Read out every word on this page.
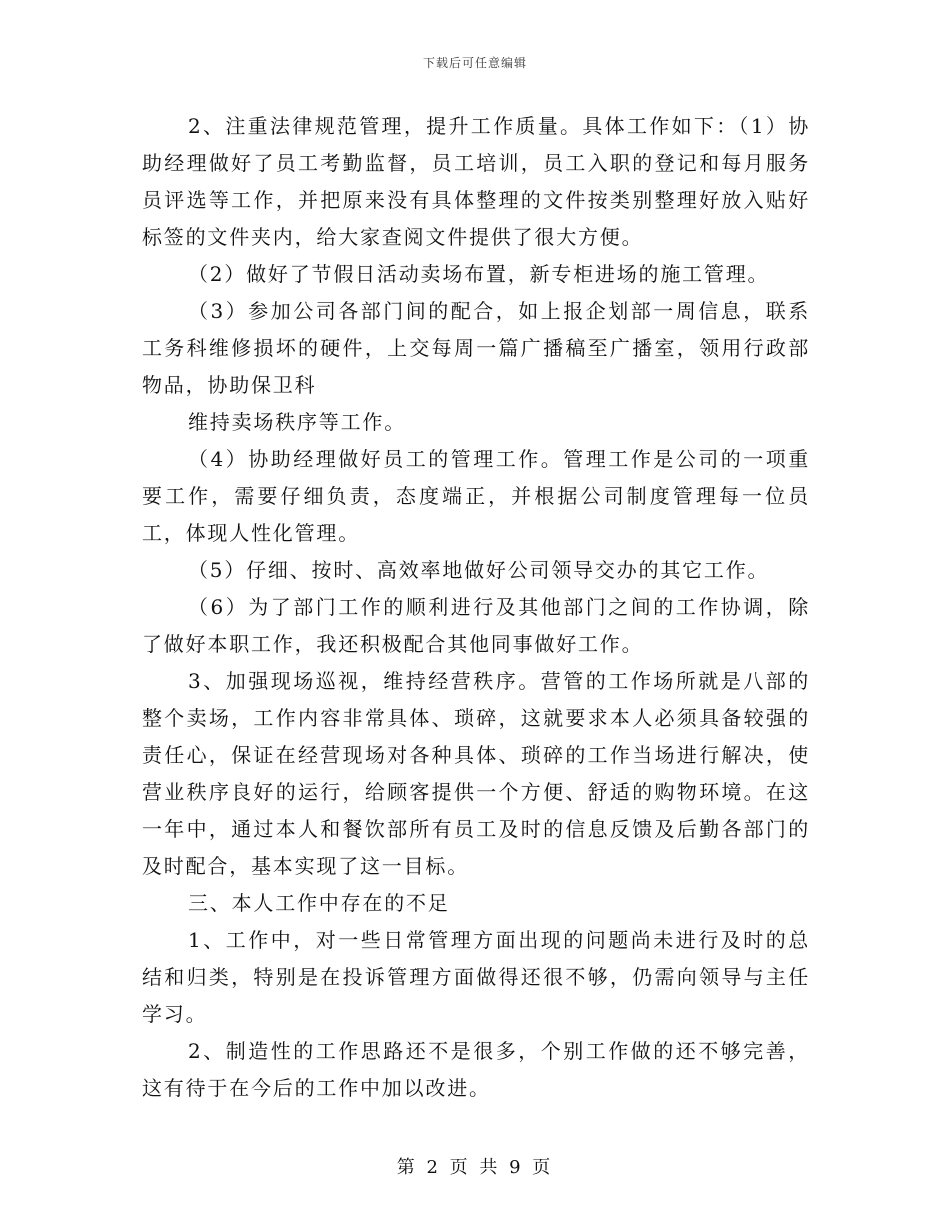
下载后可任意编辑

2、注重法律规范管理，提升工作质量。具体工作如下：（1）协助经理做好了员工考勤监督，员工培训，员工入职的登记和每月服务员评选等工作，并把原来没有具体整理的文件按类别整理好放入贴好标签的文件夹内，给大家查阅文件提供了很大方便。

（2）做好了节假日活动卖场布置，新专柜进场的施工管理。

（3）参加公司各部门间的配合，如上报企划部一周信息，联系工务科维修损坏的硬件，上交每周一篇广播稿至广播室，领用行政部物品，协助保卫科

维持卖场秩序等工作。

（4）协助经理做好员工的管理工作。管理工作是公司的一项重要工作，需要仔细负责，态度端正，并根据公司制度管理每一位员工，体现人性化管理。

（5）仔细、按时、高效率地做好公司领导交办的其它工作。

（6）为了部门工作的顺利进行及其他部门之间的工作协调，除了做好本职工作，我还积极配合其他同事做好工作。

3、加强现场巡视，维持经营秩序。营管的工作场所就是八部的整个卖场，工作内容非常具体、琐碎，这就要求本人必须具备较强的责任心，保证在经营现场对各种具体、琐碎的工作当场进行解决，使营业秩序良好的运行，给顾客提供一个方便、舒适的购物环境。在这一年中，通过本人和餐饮部所有员工及时的信息反馈及后勤各部门的及时配合，基本实现了这一目标。

三、本人工作中存在的不足

1、工作中，对一些日常管理方面出现的问题尚未进行及时的总结和归类，特别是在投诉管理方面做得还很不够，仍需向领导与主任学习。

2、制造性的工作思路还不是很多，个别工作做的还不够完善，这有待于在今后的工作中加以改进。

第 2 页 共 9 页
